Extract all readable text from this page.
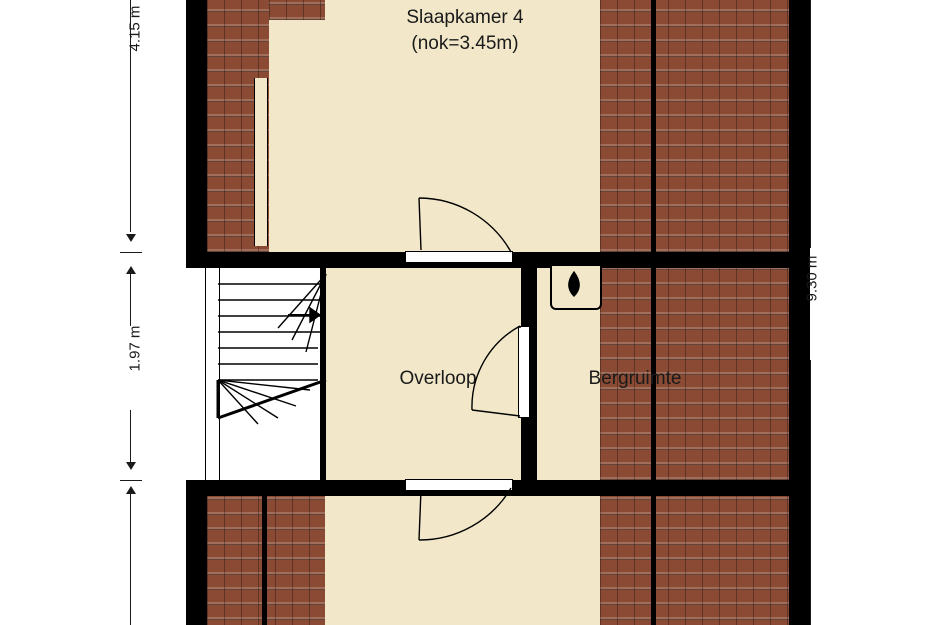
Slaapkamer 4
(nok=3.45m)
Overloop	Bergruimte
4.15 m
1.97 m
9.30 m
